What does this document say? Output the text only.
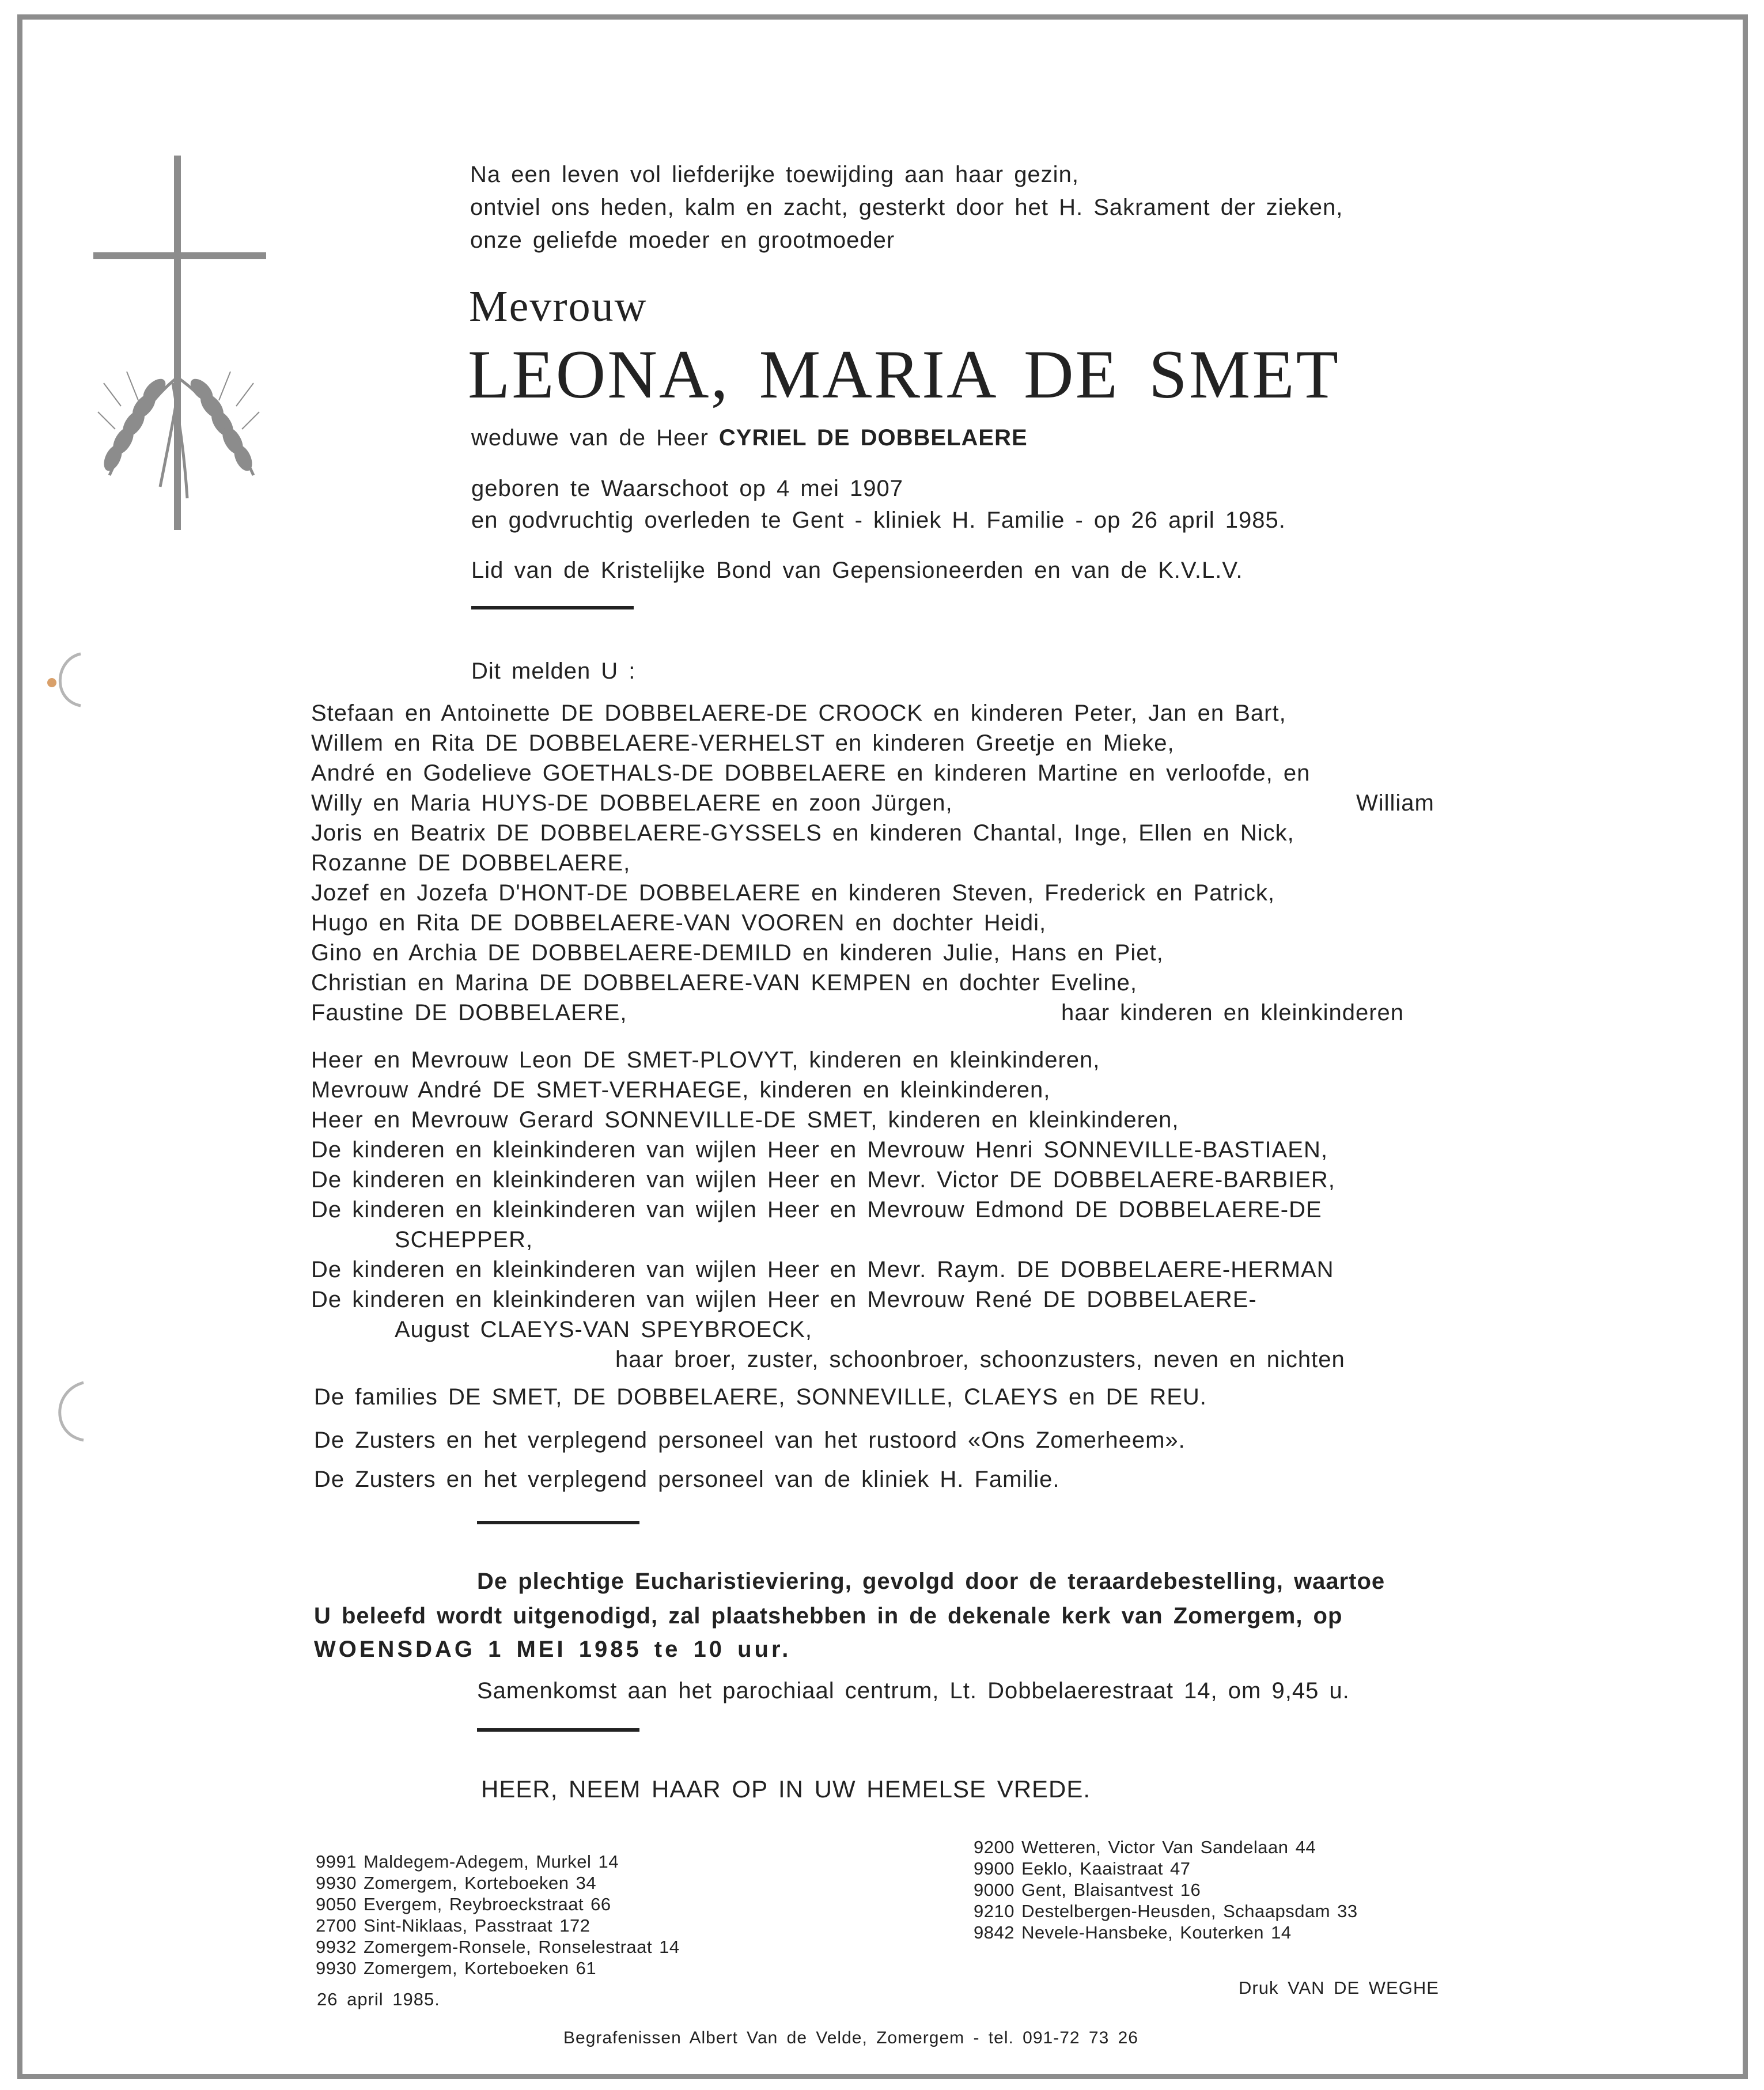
Na een leven vol liefderijke toewijding aan haar gezin,
ontviel ons heden, kalm en zacht, gesterkt door het H. Sakrament der zieken,
onze geliefde moeder en grootmoeder
Mevrouw
LEONA, MARIA DE SMET
weduwe van de Heer CYRIEL DE DOBBELAERE
geboren te Waarschoot op 4 mei 1907
en godvruchtig overleden te Gent - kliniek H. Familie - op 26 april 1985.
Lid van de Kristelijke Bond van Gepensioneerden en van de K.V.L.V.
Dit melden U :
Stefaan en Antoinette DE DOBBELAERE-DE CROOCK en kinderen Peter, Jan en Bart,
Willem en Rita DE DOBBELAERE-VERHELST en kinderen Greetje en Mieke,
André en Godelieve GOETHALS-DE DOBBELAERE en kinderen Martine en verloofde, en
Willy en Maria HUYS-DE DOBBELAERE en zoon Jürgen,	William
Joris en Beatrix DE DOBBELAERE-GYSSELS en kinderen Chantal, Inge, Ellen en Nick,
Rozanne DE DOBBELAERE,
Jozef en Jozefa D'HONT-DE DOBBELAERE en kinderen Steven, Frederick en Patrick,
Hugo en Rita DE DOBBELAERE-VAN VOOREN en dochter Heidi,
Gino en Archia DE DOBBELAERE-DEMILD en kinderen Julie, Hans en Piet,
Christian en Marina DE DOBBELAERE-VAN KEMPEN en dochter Eveline,
Faustine DE DOBBELAERE,	haar kinderen en kleinkinderen
Heer en Mevrouw Leon DE SMET-PLOVYT, kinderen en kleinkinderen,
Mevrouw André DE SMET-VERHAEGE, kinderen en kleinkinderen,
Heer en Mevrouw Gerard SONNEVILLE-DE SMET, kinderen en kleinkinderen,
De kinderen en kleinkinderen van wijlen Heer en Mevrouw Henri SONNEVILLE-BASTIAEN,
De kinderen en kleinkinderen van wijlen Heer en Mevr. Victor DE DOBBELAERE-BARBIER,
De kinderen en kleinkinderen van wijlen Heer en Mevrouw Edmond DE DOBBELAERE-DE
SCHEPPER,
De kinderen en kleinkinderen van wijlen Heer en Mevr. Raym. DE DOBBELAERE-HERMAN
De kinderen en kleinkinderen van wijlen Heer en Mevrouw René DE DOBBELAERE-
August CLAEYS-VAN SPEYBROECK,
haar broer, zuster, schoonbroer, schoonzusters, neven en nichten
De families DE SMET, DE DOBBELAERE, SONNEVILLE, CLAEYS en DE REU.
De Zusters en het verplegend personeel van het rustoord «Ons Zomerheem».
De Zusters en het verplegend personeel van de kliniek H. Familie.
De plechtige Eucharistieviering, gevolgd door de teraardebestelling, waartoe
U beleefd wordt uitgenodigd, zal plaatshebben in de dekenale kerk van Zomergem, op
WOENSDAG 1 MEI 1985 te 10 uur.
Samenkomst aan het parochiaal centrum, Lt. Dobbelaerestraat 14, om 9,45 u.
HEER, NEEM HAAR OP IN UW HEMELSE VREDE.
9991 Maldegem-Adegem, Murkel 14
9930 Zomergem, Korteboeken 34
9050 Evergem, Reybroeckstraat 66
2700 Sint-Niklaas, Passtraat 172
9932 Zomergem-Ronsele, Ronselestraat 14
9930 Zomergem, Korteboeken 61
9200 Wetteren, Victor Van Sandelaan 44
9900 Eeklo, Kaaistraat 47
9000 Gent, Blaisantvest 16
9210 Destelbergen-Heusden, Schaapsdam 33
9842 Nevele-Hansbeke, Kouterken 14
26 april 1985.
Druk VAN DE WEGHE
Begrafenissen Albert Van de Velde, Zomergem - tel. 091-72 73 26
